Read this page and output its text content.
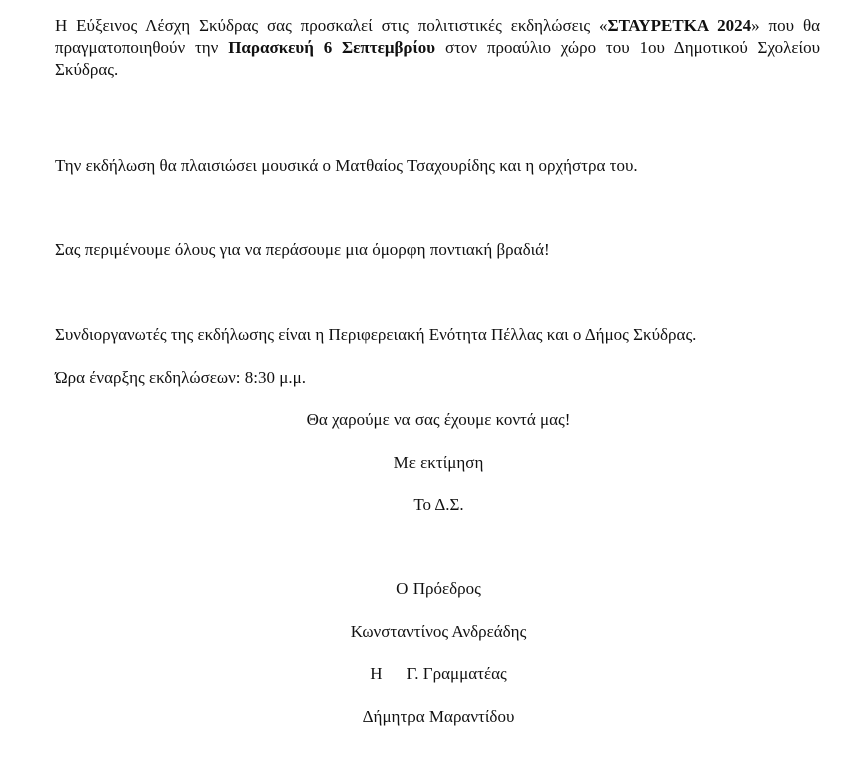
Η Εύξεινος Λέσχη Σκύδρας σας προσκαλεί στις πολιτιστικές εκδηλώσεις «ΣΤΑΥΡΕΤΚΑ 2024» που θα πραγματοποιηθούν την Παρασκευή 6 Σεπτεμβρίου στον προαύλιο χώρο του 1ου Δημοτικού Σχολείου Σκύδρας.

Την εκδήλωση θα πλαισιώσει μουσικά ο Ματθαίος Τσαχουρίδης και η ορχήστρα του.

Σας περιμένουμε όλους για να περάσουμε μια όμορφη ποντιακή βραδιά!

Συνδιοργανωτές της εκδήλωσης είναι η Περιφερειακή Ενότητα Πέλλας και ο Δήμος Σκύδρας.

Ώρα έναρξης εκδηλώσεων: 8:30 μ.μ.

Θα χαρούμε να σας έχουμε κοντά μας!

Με εκτίμηση

Το Δ.Σ.

Ο Πρόεδρος

Κωνσταντίνος Ανδρεάδης

Η Γ. Γραμματέας

Δήμητρα Μαραντίδου
